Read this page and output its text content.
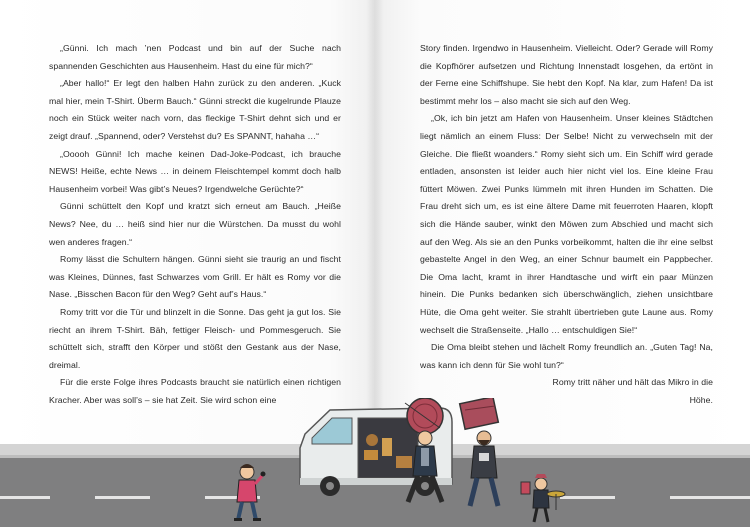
„Günni. Ich mach ’nen Podcast und bin auf der Suche nach spannenden Geschichten aus Hausenheim. Hast du eine für mich?“

„Aber hallo!“ Er legt den halben Hahn zurück zu den anderen. „Kuck mal hier, mein T-Shirt. Überm Bauch.“ Günni streckt die kugelrunde Plauze noch ein Stück weiter nach vorn, das fleckige T-Shirt dehnt sich und er zeigt drauf. „Spannend, oder? Verstehst du? Es SPANNT, hahaha …“

„Ooooh Günni! Ich mache keinen Dad-Joke-Podcast, ich brauche NEWS! Heiße, echte News … in deinem Fleischtempel kommt doch halb Hausenheim vorbei! Was gibt’s Neues? Irgendwelche Gerüchte?“

Günni schüttelt den Kopf und kratzt sich erneut am Bauch. „Heiße News? Nee, du … heiß sind hier nur die Würstchen. Da musst du wohl wen anderes fragen.“

Romy lässt die Schultern hängen. Günni sieht sie traurig an und fischt was Kleines, Dünnes, fast Schwarzes vom Grill. Er hält es Romy vor die Nase. „Bisschen Bacon für den Weg? Geht auf’s Haus.“

Romy tritt vor die Tür und blinzelt in die Sonne. Das geht ja gut los. Sie riecht an ihrem T-Shirt. Bäh, fettiger Fleisch- und Pommesgeruch. Sie schüttelt sich, strafft den Körper und stößt den Gestank aus der Nase, dreimal.

Für die erste Folge ihres Podcasts braucht sie natürlich einen richtigen Kracher. Aber was soll’s – sie hat Zeit. Sie wird schon eine

Story finden. Irgendwo in Hausenheim. Vielleicht. Oder? Gerade will Romy die Kopfhörer aufsetzen und Richtung Innenstadt losgehen, da ertönt in der Ferne eine Schiffshupe. Sie hebt den Kopf. Na klar, zum Hafen! Da ist bestimmt mehr los – also macht sie sich auf den Weg.

„Ok, ich bin jetzt am Hafen von Hausenheim. Unser kleines Städtchen liegt nämlich an einem Fluss: Der Selbe! Nicht zu verwechseln mit der Gleiche. Die fließt woanders.“ Romy sieht sich um. Ein Schiff wird gerade entladen, ansonsten ist leider auch hier nicht viel los. Eine kleine Frau füttert Möwen. Zwei Punks lümmeln mit ihren Hunden im Schatten. Die Frau dreht sich um, es ist eine ältere Dame mit feuerroten Haaren, klopft sich die Hände sauber, winkt den Möwen zum Abschied und macht sich auf den Weg. Als sie an den Punks vorbeikommt, halten die ihr eine selbst gebastelte Angel in den Weg, an einer Schnur baumelt ein Pappbecher. Die Oma lacht, kramt in ihrer Handtasche und wirft ein paar Münzen hinein. Die Punks bedanken sich überschwänglich, ziehen unsichtbare Hüte, die Oma geht weiter. Sie strahlt übertrieben gute Laune aus. Romy wechselt die Straßenseite. „Hallo … entschuldigen Sie!“

Die Oma bleibt stehen und lächelt Romy freundlich an. „Guten Tag! Na, was kann ich denn für Sie wohl tun?“

Romy tritt näher und hält das Mikro in die Höhe.
